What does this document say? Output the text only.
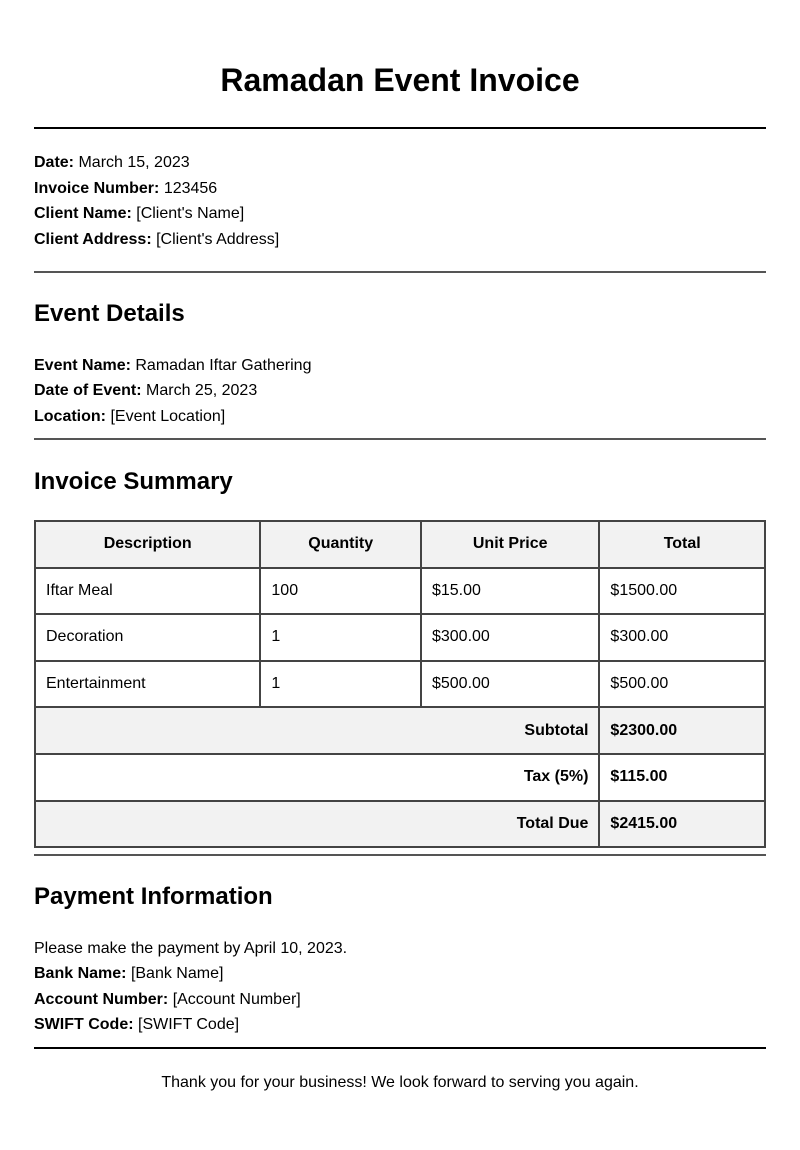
Ramadan Event Invoice
Date: March 15, 2023
Invoice Number: 123456
Client Name: [Client's Name]
Client Address: [Client's Address]
Event Details
Event Name: Ramadan Iftar Gathering
Date of Event: March 25, 2023
Location: [Event Location]
Invoice Summary
Description	Quantity	Unit Price	Total
Iftar Meal	100	$15.00	$1500.00
Decoration	1	$300.00	$300.00
Entertainment	1	$500.00	$500.00
Subtotal			$2300.00
Tax (5%)			$115.00
Total Due			$2415.00
Payment Information
Please make the payment by April 10, 2023.
Bank Name: [Bank Name]
Account Number: [Account Number]
SWIFT Code: [SWIFT Code]

Thank you for your business! We look forward to serving you again.
